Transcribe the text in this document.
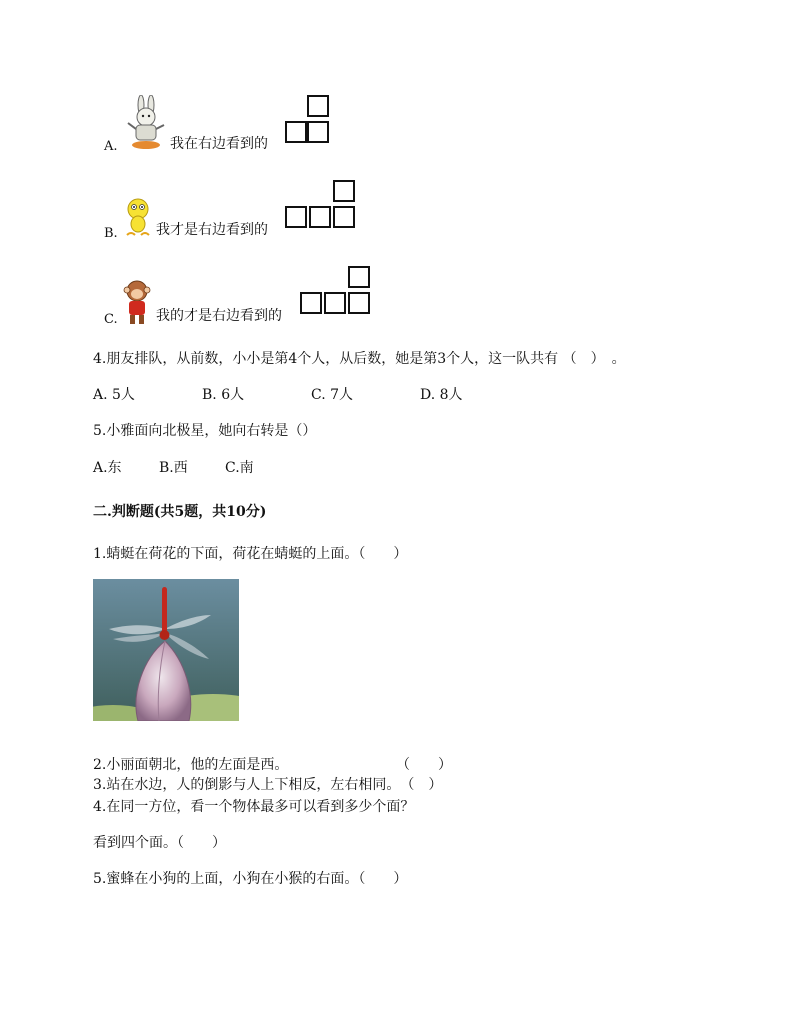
A.	我在右边看到的
B.	我才是右边看到的
C.	我的才是右边看到的
4.朋友排队，从前数，小小是第4个人，从后数，她是第3个人，这一队共有 （　）　。
A. 5人	B. 6人	C. 7人	D. 8人
5.小雅面向北极星，她向右转是（）
A.东	B.西	C.南
二.判断题(共5题，共10分)
1.蜻蜓在荷花的下面，荷花在蜻蜓的上面。（　　）
2.小丽面朝北，他的左面是西。	（　　）
3.站在水边，人的倒影与人上下相反，左右相同。　（　）
4.在同一方位，看一个物体最多可以看到多少个面？
看到四个面。（　　）
5.蜜蜂在小狗的上面，小狗在小猴的右面。（　　）
